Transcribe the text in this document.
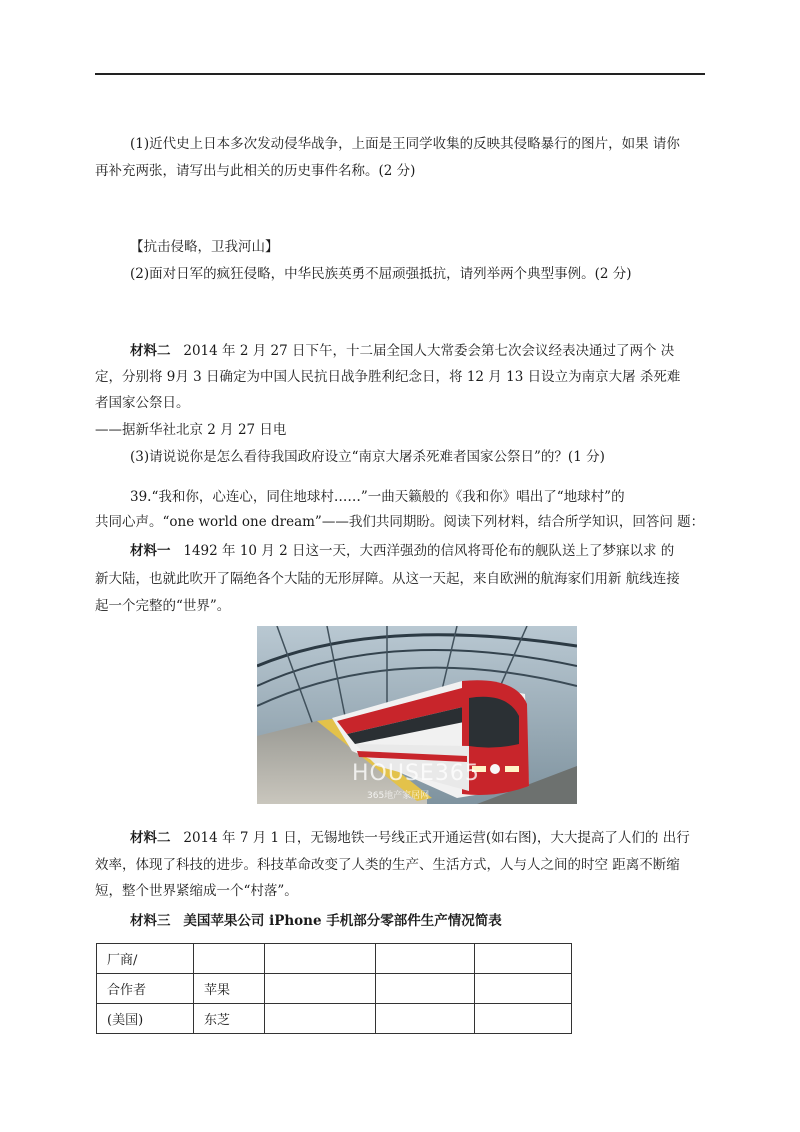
(1)近代史上日本多次发动侵华战争，上面是王同学收集的反映其侵略暴行的图片，如果 请你
再补充两张，请写出与此相关的历史事件名称。(2 分)
【抗击侵略，卫我河山】
(2)面对日军的疯狂侵略，中华民族英勇不屈顽强抵抗，请列举两个典型事例。(2 分)
材料二 2014 年 2 月 27 日下午，十二届全国人大常委会第七次会议经表决通过了两个 决
定，分别将 9月 3 日确定为中国人民抗日战争胜利纪念日，将 12 月 13 日设立为南京大屠 杀死难
者国家公祭日。
——据新华社北京 2 月 27 日电
(3)请说说你是怎么看待我国政府设立“南京大屠杀死难者国家公祭日”的？(1 分)
39.“我和你，心连心，同住地球村……”一曲天籁般的《我和你》唱出了“地球村”的
共同心声。“one world one dream”——我们共同期盼。阅读下列材料，结合所学知识，回答问 题：
材料一 1492 年 10 月 2 日这一天，大西洋强劲的信风将哥伦布的舰队送上了梦寐以求 的
新大陆，也就此吹开了隔绝各个大陆的无形屏障。从这一天起，来自欧洲的航海家们用新 航线连接
起一个完整的“世界”。
HOUSE365
365地产家居网
材料二 2014 年 7 月 1 日，无锡地铁一号线正式开通运营(如右图)，大大提高了人们的 出行
效率，体现了科技的进步。科技革命改变了人类的生产、生活方式，人与人之间的时空 距离不断缩
短，整个世界紧缩成一个“村落”。
材料三 美国苹果公司 iPhone 手机部分零部件生产情况简表
厂商/				
合作者	苹果			
(美国)	东芝			
